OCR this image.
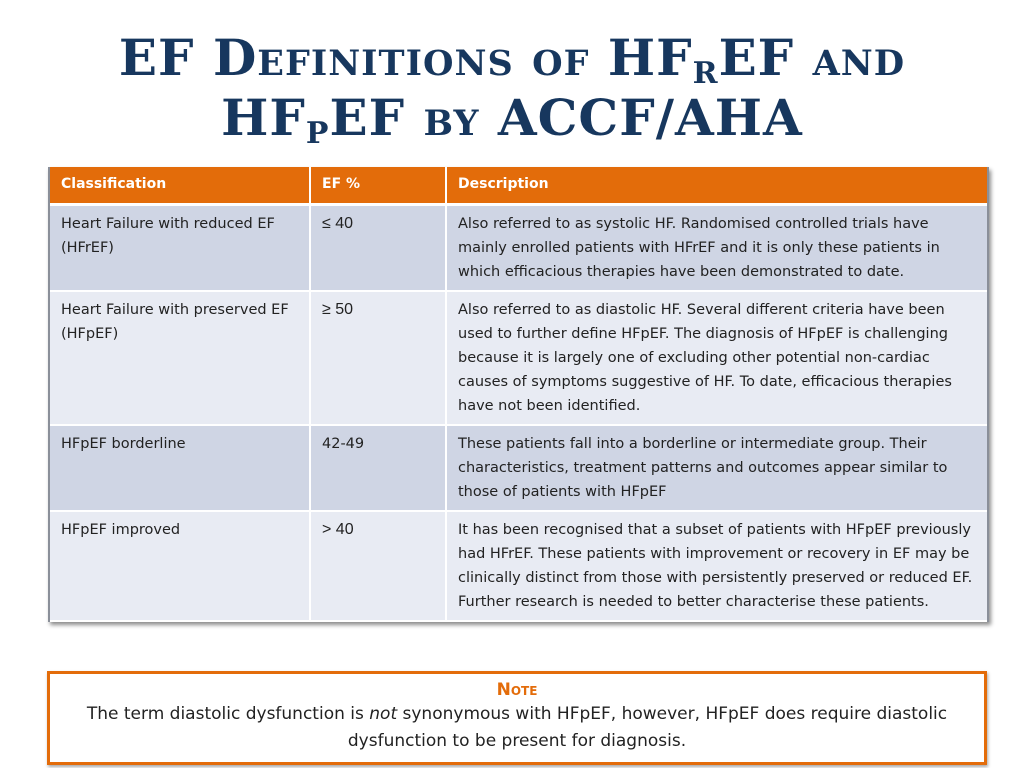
EF Definitions of $HF_REF$ and
$HF_PEF$ by ACCF/AHA
Classification	EF %	Description
Heart Failure with reduced EF (HFrEF)	≤ 40	Also referred to as systolic HF. Randomised controlled trials have mainly enrolled patients with HFrEF and it is only these patients in which efficacious therapies have been demonstrated to date.
Heart Failure with preserved EF (HFpEF)	≥ 50	Also referred to as diastolic HF. Several different criteria have been used to further define HFpEF. The diagnosis of HFpEF is challenging because it is largely one of excluding other potential non-cardiac causes of symptoms suggestive of HF. To date, efficacious therapies have not been identified.
HFpEF borderline	42-49	These patients fall into a borderline or intermediate group. Their characteristics, treatment patterns and outcomes appear similar to those of patients with HFpEF
HFpEF improved	> 40	It has been recognised that a subset of patients with HFpEF previously had HFrEF. These patients with improvement or recovery in EF may be clinically distinct from those with persistently preserved or reduced EF. Further research is needed to better characterise these patients.
Note
The term diastolic dysfunction is not synonymous with HFpEF, however, HFpEF does require diastolic dysfunction to be present for diagnosis.
